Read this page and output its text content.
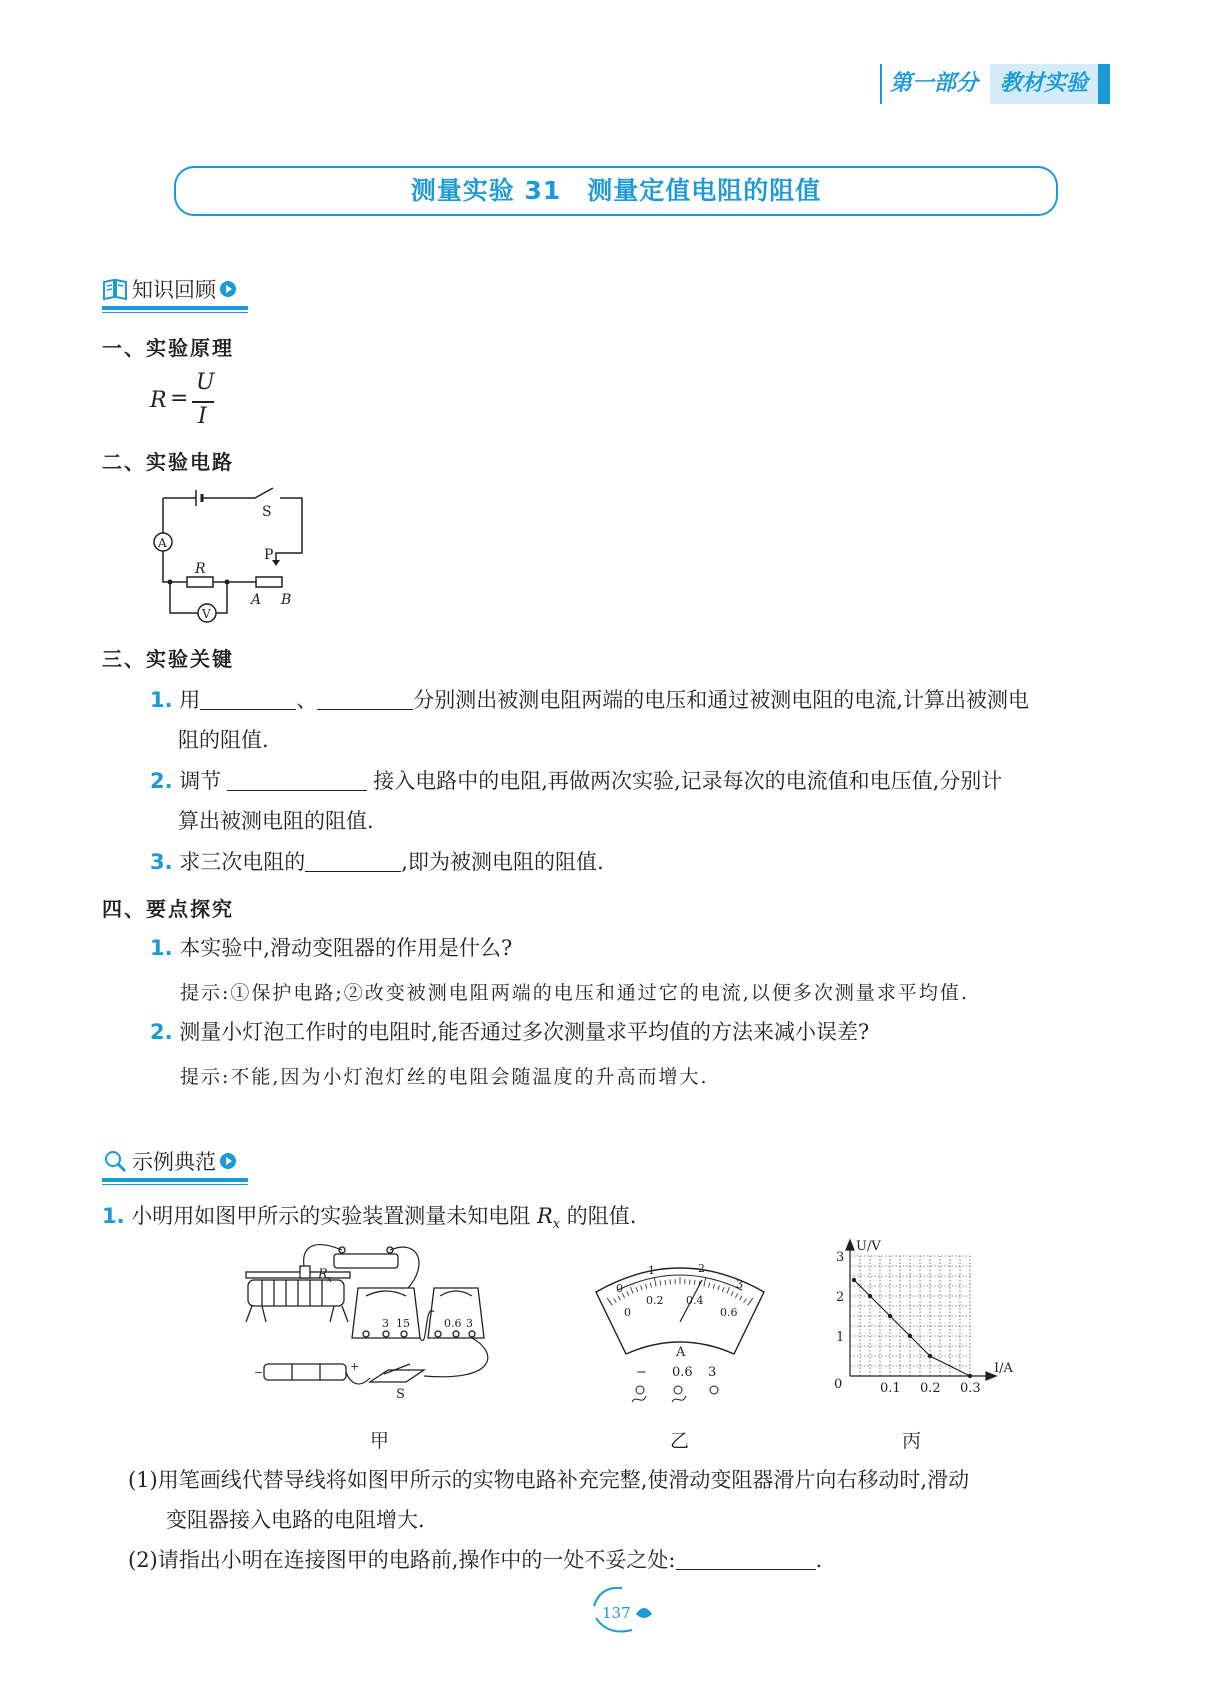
第一部分	教材实验
测量实验 31　测量定值电阻的阻值
知识回顾
一、实验原理
R =
U
I
二、实验电路
S
A
R
P
A B
V
三、实验关键
1. 用	、	分别测出被测电阻两端的电压和通过被测电阻的电流,计算出被测电
阻的阻值.
2. 调节	接入电路中的电阻,再做两次实验,记录每次的电流值和电压值,分别计
算出被测电阻的阻值.
3. 求三次电阻的	,即为被测电阻的阻值.
四、要点探究
1. 本实验中,滑动变阻器的作用是什么?
提示:①保护电路;②改变被测电阻两端的电压和通过它的电流,以便多次测量求平均值.
2. 测量小灯泡工作时的电阻时,能否通过多次测量求平均值的方法来减小误差?
提示:不能,因为小灯泡灯丝的电阻会随温度的升高而增大.
示例典范
1. 小明用如图甲所示的实验装置测量未知电阻 $R_x$ 的阻值.
R x
3 15	0.6 3
−	+
S
甲
0
1	2
3
0
0.2 0.4
0.6
A
− 0.6 3
乙
U/V
I/A
0	0.1 0.2 0.3
1
2
3
丙
(1)用笔画线代替导线将如图甲所示的实物电路补充完整,使滑动变阻器滑片向右移动时,滑动
变阻器接入电路的电阻增大.
(2)请指出小明在连接图甲的电路前,操作中的一处不妥之处:	.
137
